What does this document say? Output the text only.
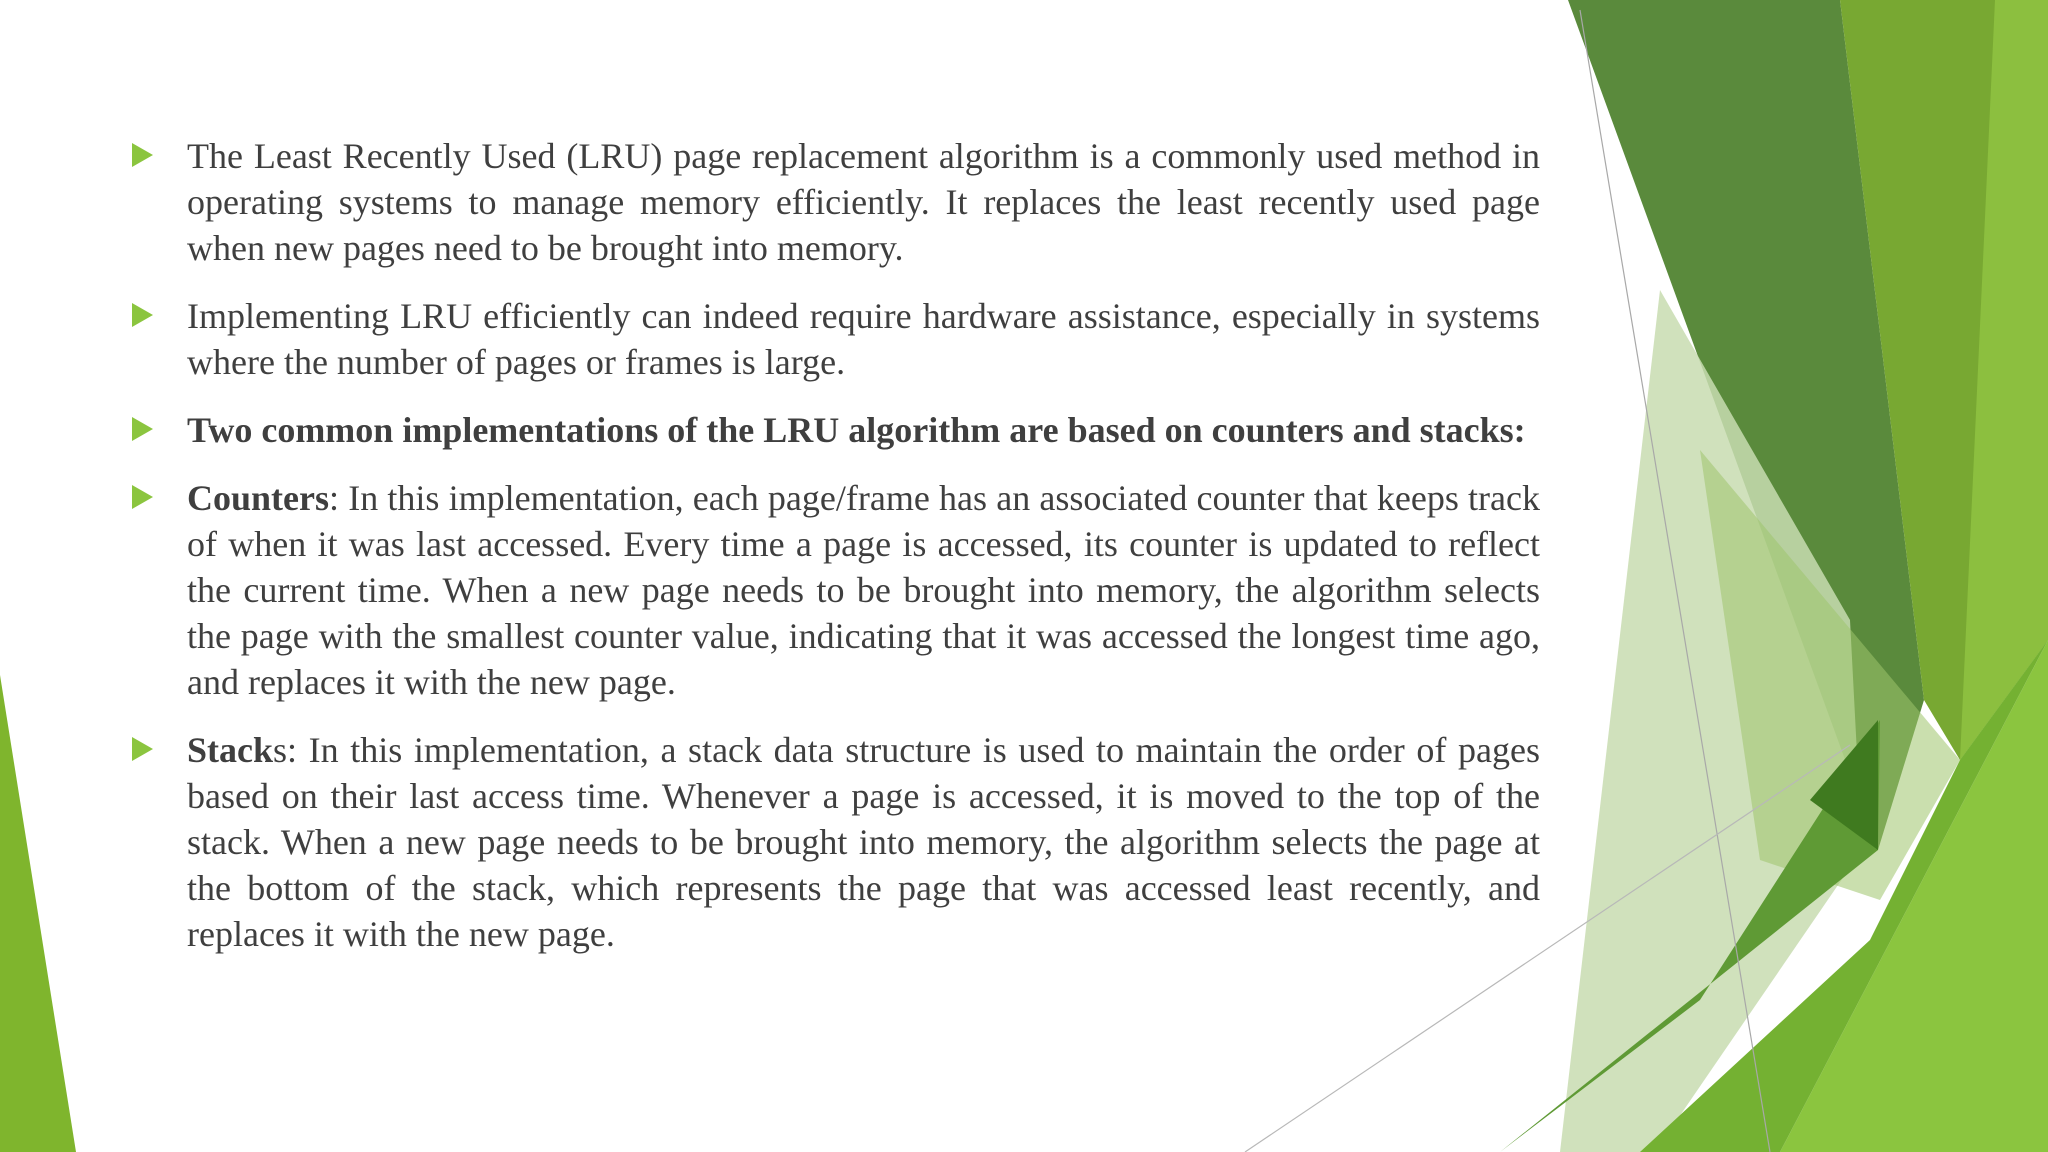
The Least Recently Used (LRU) page replacement algorithm is a commonly used method in operating systems to manage memory efficiently. It replaces the least recently used page when new pages need to be brought into memory.
Implementing LRU efficiently can indeed require hardware assistance, especially in systems where the number of pages or frames is large.
Two common implementations of the LRU algorithm are based on counters and stacks:
Counters: In this implementation, each page/frame has an associated counter that keeps track of when it was last accessed. Every time a page is accessed, its counter is updated to reflect the current time. When a new page needs to be brought into memory, the algorithm selects the page with the smallest counter value, indicating that it was accessed the longest time ago, and replaces it with the new page.
Stacks: In this implementation, a stack data structure is used to maintain the order of pages based on their last access time. Whenever a page is accessed, it is moved to the top of the stack. When a new page needs to be brought into memory, the algorithm selects the page at the bottom of the stack, which represents the page that was accessed least recently, and replaces it with the new page.
